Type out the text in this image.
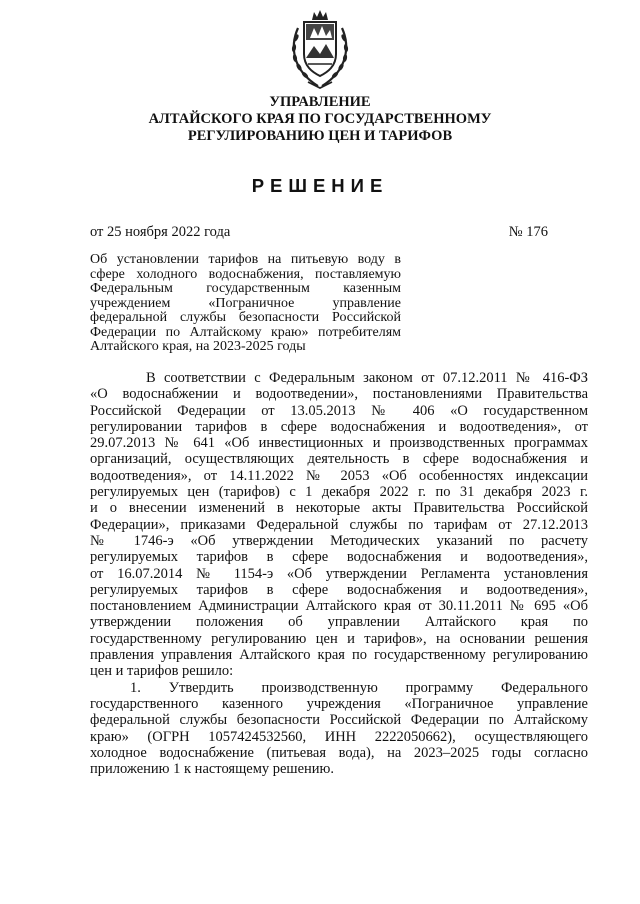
УПРАВЛЕНИЕ
АЛТАЙСКОГО КРАЯ ПО ГОСУДАРСТВЕННОМУ
РЕГУЛИРОВАНИЮ ЦЕН И ТАРИФОВ
РЕШЕНИЕ
от 25 ноября 2022 года	№ 176
Об установлении тарифов на питьевую воду в
сфере холодного водоснабжения, поставляемую
Федеральным государственным казенным
учреждением «Пограничное управление
федеральной службы безопасности Российской
Федерации по Алтайскому краю» потребителям
Алтайского края, на 2023-2025 годы
В соответствии с Федеральным законом от 07.12.2011 № 416-ФЗ
«О водоснабжении и водоотведении», постановлениями Правительства
Российской Федерации от 13.05.2013 № 406 «О государственном
регулировании тарифов в сфере водоснабжения и водоотведения», от
29.07.2013 № 641 «Об инвестиционных и производственных программах
организаций, осуществляющих деятельность в сфере водоснабжения и
водоотведения», от 14.11.2022 № 2053 «Об особенностях индексации
регулируемых цен (тарифов) с 1 декабря 2022 г. по 31 декабря 2023 г.
и о внесении изменений в некоторые акты Правительства Российской
Федерации», приказами Федеральной службы по тарифам от 27.12.2013
№ 1746-э «Об утверждении Методических указаний по расчету
регулируемых тарифов в сфере водоснабжения и водоотведения»,
от 16.07.2014 № 1154-э «Об утверждении Регламента установления
регулируемых тарифов в сфере водоснабжения и водоотведения»,
постановлением Администрации Алтайского края от 30.11.2011 № 695 «Об
утверждении положения об управлении Алтайского края по
государственному регулированию цен и тарифов», на основании решения
правления управления Алтайского края по государственному регулированию
цен и тарифов решило:
1. Утвердить производственную программу Федерального
государственного казенного учреждения «Пограничное управление
федеральной службы безопасности Российской Федерации по Алтайскому
краю» (ОГРН 1057424532560, ИНН 2222050662), осуществляющего
холодное водоснабжение (питьевая вода), на 2023–2025 годы согласно
приложению 1 к настоящему решению.
